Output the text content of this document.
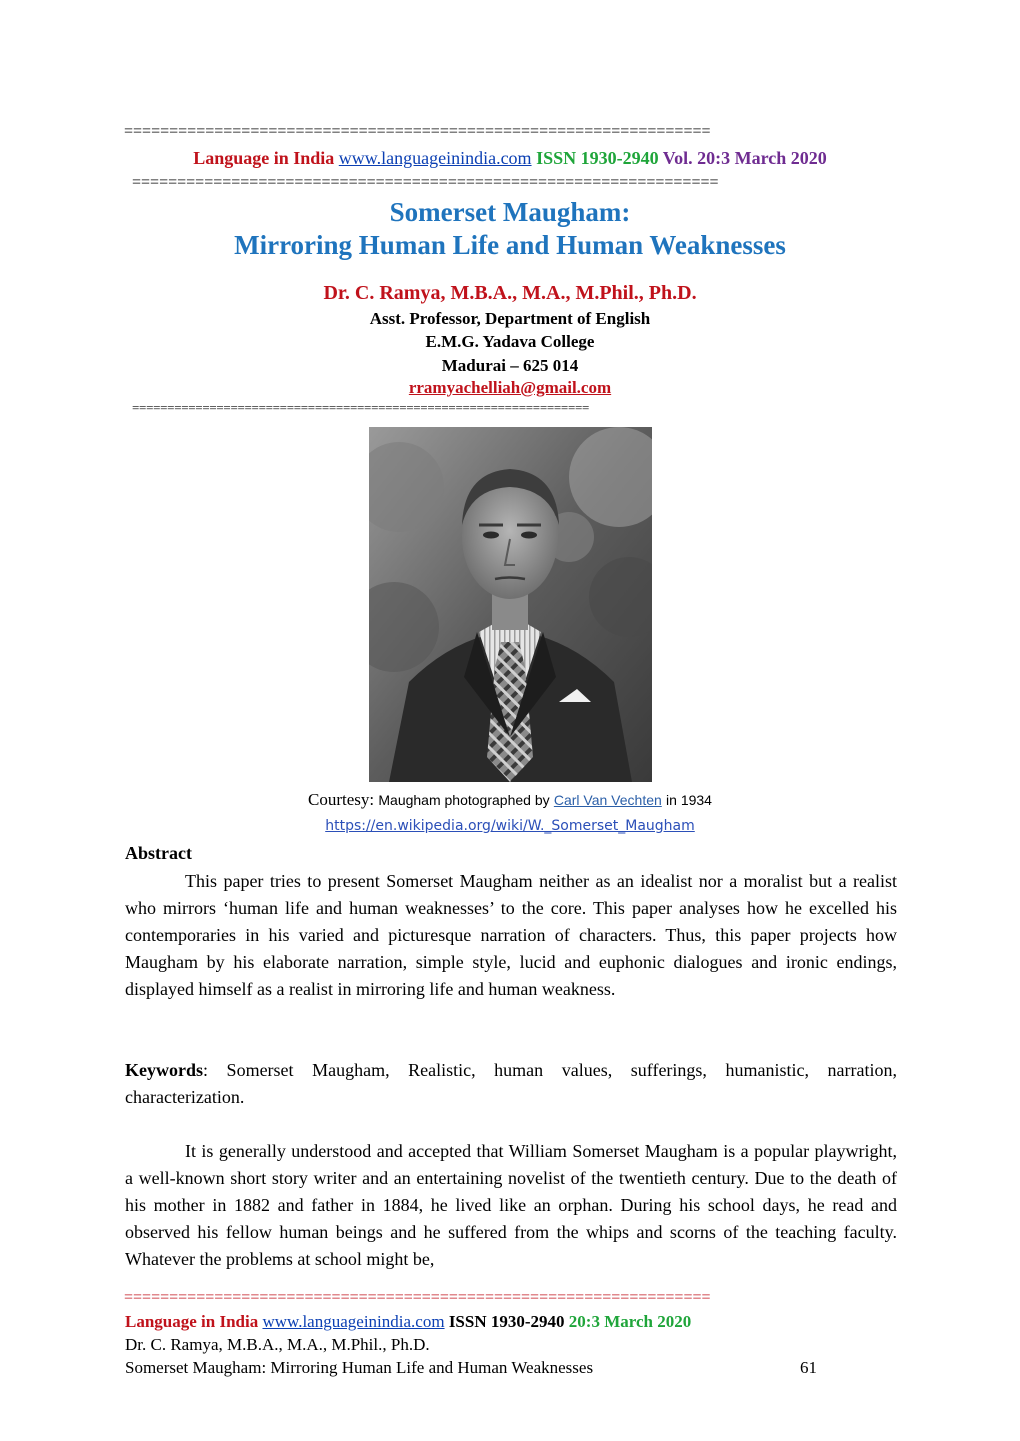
=================================================================
Language in India www.languageinindia.com ISSN 1930-2940 Vol. 20:3 March 2020
=================================================================
Somerset Maugham:
Mirroring Human Life and Human Weaknesses
Dr. C. Ramya, M.B.A., M.A., M.Phil., Ph.D.
Asst. Professor, Department of English
E.M.G. Yadava College
Madurai – 625 014
rramyachelliah@gmail.com
=================================================================
Courtesy: Maugham photographed by Carl Van Vechten in 1934
https://en.wikipedia.org/wiki/W._Somerset_Maugham
Abstract
This paper tries to present Somerset Maugham neither as an idealist nor a moralist but a realist who mirrors ‘human life and human weaknesses’ to the core. This paper analyses how he excelled his contemporaries in his varied and picturesque narration of characters. Thus, this paper projects how Maugham by his elaborate narration, simple style, lucid and euphonic dialogues and ironic endings, displayed himself as a realist in mirroring life and human weakness.
Keywords: Somerset Maugham, Realistic, human values, sufferings, humanistic, narration, characterization.
It is generally understood and accepted that William Somerset Maugham is a popular playwright, a well-known short story writer and an entertaining novelist of the twentieth century. Due to the death of his mother in 1882 and father in 1884, he lived like an orphan. During his school days, he read and observed his fellow human beings and he suffered from the whips and scorns of the teaching faculty. Whatever the problems at school might be,
=================================================================
Language in India www.languageinindia.com ISSN 1930-2940 20:3 March 2020
Dr. C. Ramya, M.B.A., M.A., M.Phil., Ph.D.
Somerset Maugham: Mirroring Human Life and Human Weaknesses	61
